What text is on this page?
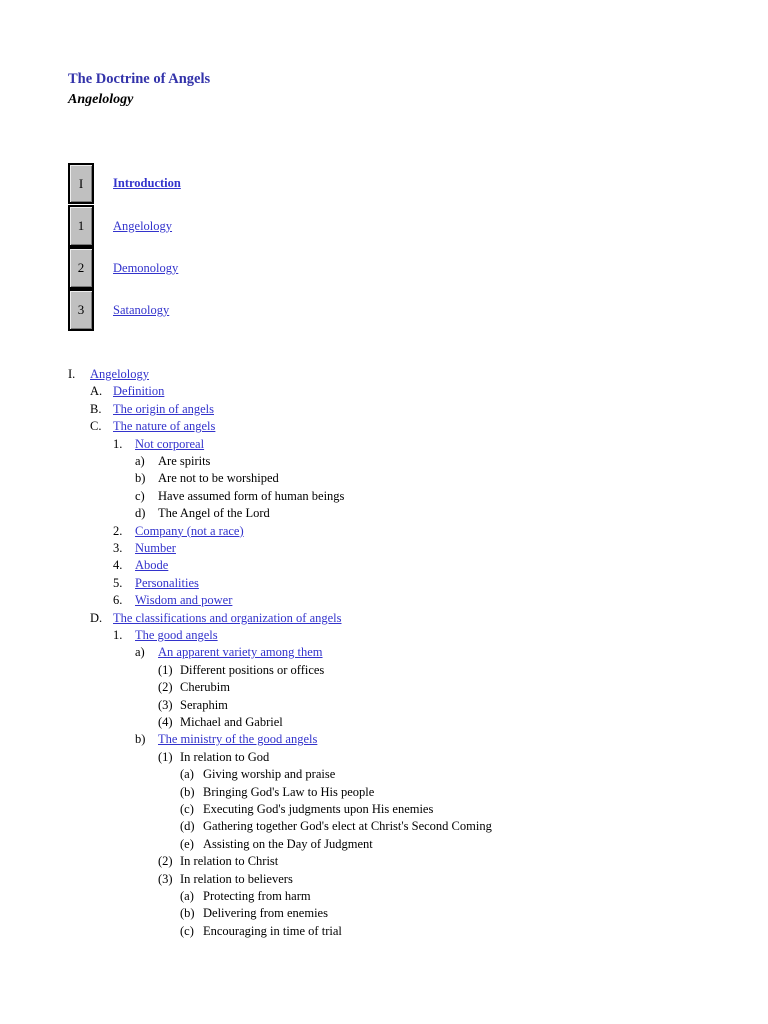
The Doctrine of Angels
Angelology
I	Introduction
1	Angelology
2	Demonology
3	Satanology
I. Angelology
A. Definition
B. The origin of angels
C. The nature of angels
1. Not corporeal
a) Are spirits
b) Are not to be worshiped
c) Have assumed form of human beings
d) The Angel of the Lord
2. Company (not a race)
3. Number
4. Abode
5. Personalities
6. Wisdom and power
D. The classifications and organization of angels
1. The good angels
a) An apparent variety among them
(1) Different positions or offices
(2) Cherubim
(3) Seraphim
(4) Michael and Gabriel
b) The ministry of the good angels
(1) In relation to God
(a) Giving worship and praise
(b) Bringing God's Law to His people
(c) Executing God's judgments upon His enemies
(d) Gathering together God's elect at Christ's Second Coming
(e) Assisting on the Day of Judgment
(2) In relation to Christ
(3) In relation to believers
(a) Protecting from harm
(b) Delivering from enemies
(c) Encouraging in time of trial
